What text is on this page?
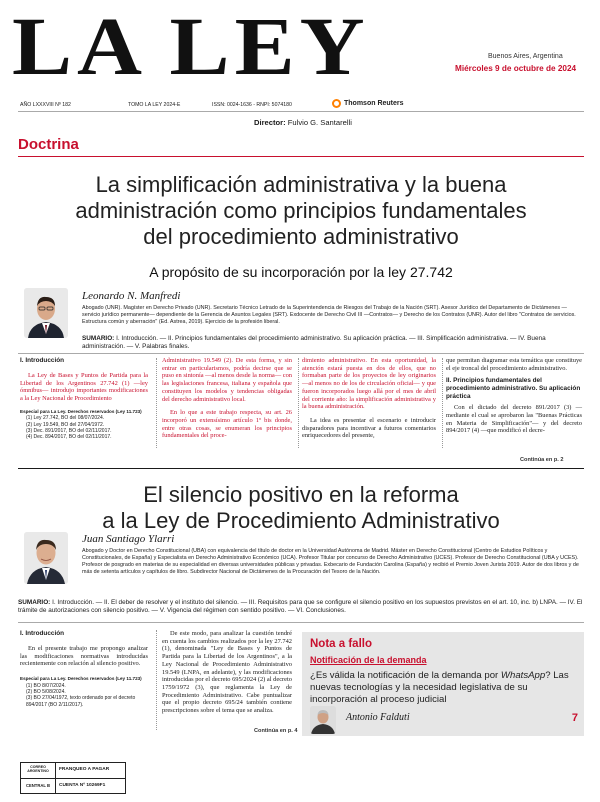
LA LEY	Buenos Aires, Argentina
Miércoles 9 de octubre de 2024
AÑO LXXXVIII Nº 182	TOMO LA LEY 2024-E	ISSN: 0024-1636 - RNPI: 5074180	Thomson Reuters
Director: Fulvio G. Santarelli
Doctrina
La simplificación administrativa y la buena
administración como principios fundamentales
del procedimiento administrativo
A propósito de su incorporación por la ley 27.742
Leonardo N. Manfredi
Abogado (UNR). Magíster en Derecho Privado (UNR). Secretario Técnico Letrado de la Superintendencia de Riesgos del Trabajo de la Nación (SRT). Asesor Jurídico del Departamento de Dictámenes —servicio jurídico permanente— dependiente de la Gerencia de Asuntos Legales (SRT). Exdocente de Derecho Civil III —Contratos— y Derecho de los Contratos (UNR). Autor del libro "Contratos de servicios. Estructura común y aberración" (Ed. Astrea, 2019). Ejercicio de la profesión liberal.
SUMARIO: I. Introducción. — II. Principios fundamentales del procedimiento administrativo. Su aplicación práctica. — III. Simplificación administrativa. — IV. Buena administración. — V. Palabras finales.
I. Introducción
La Ley de Bases y Puntos de Partida para la Libertad de los Argentinos 27.742 (1) —ley ómnibus— introdujo importantes modificaciones a la Ley Nacional de Procedimiento
Especial para La Ley. Derechos reservados (Ley 11.723)
(1) Ley 27.742, BO del 08/07/2024.
(2) Ley 19.549, BO del 27/04/1972.
(3) Dec. 891/2017, BO del 02/11/2017.
(4) Dec. 894/2017, BO del 02/11/2017.
Administrativo 19.549 (2). De esta forma, y sin entrar en particularismos, podría decirse que se puso en sintonía —al menos desde la norma— con las legislaciones francesa, italiana y española que constituyen los modelos y tendencias obligadas del derecho administrativo local.
En lo que a este trabajo respecta, su art. 26 incorporó un extensísimo artículo 1º bis donde, entre otras cosas, se enumeran los principios fundamentales del proce-
dimiento administrativo. En esta oportunidad, la atención estará puesta en dos de ellos, que no formaban parte de los proyectos de ley originarios —al menos no de los de circulación oficial— y que fueron incorporados luego allá por el mes de abril del corriente año: la simplificación administrativa y la buena administración.
La idea es presentar el escenario e introducir disparadores para incentivar a futuros comentarios enriquecedores del presente,
que permitan diagramar esta temática que constituye el eje troncal del procedimiento administrativo.
II. Principios fundamentales del procedimiento administrativo. Su aplicación práctica
Con el dictado del decreto 891/2017 (3) —mediante el cual se aprobaron las "Buenas Prácticas en Materia de Simplificación"— y del decreto 894/2017 (4) —que modificó el decre-
Continúa en p. 2
El silencio positivo en la reforma
a la Ley de Procedimiento Administrativo
Juan Santiago Ylarri
Abogado y Doctor en Derecho Constitucional (UBA) con equivalencia del título de doctor en la Universidad Autónoma de Madrid. Máster en Derecho Constitucional (Centro de Estudios Políticos y Constitucionales, de España) y Especialista en Derecho Administrativo Económico (UCA). Profesor Titular por concurso de Derecho Administrativo (UCES). Profesor de Derecho Constitucional (UBA y UCES). Profesor de posgrado en materias de su especialidad en diversas universidades públicas y privadas. Exbecario de Fundación Carolina (España) y recibió el Premio Joven Jurista 2019. Autor de dos libros y de más de setenta artículos y capítulos de libro. Subdirector Nacional de Dictámenes de la Procuración del Tesoro de la Nación.
SUMARIO: I. Introducción. — II. El deber de resolver y el instituto del silencio. — III. Requisitos para que se configure el silencio positivo en los supuestos previstos en el art. 10, inc. b) LNPA. — IV. El trámite de autorizaciones con silencio positivo. — V. Vigencia del régimen con sentido positivo. — VI. Conclusiones.
I. Introducción
En el presente trabajo me propongo analizar las modificaciones normativas introducidas recientemente con relación al silencio positivo.
Especial para La Ley. Derechos reservados (Ley 11.723)
(1) BO 8/07/2024.
(2) BO 5/08/2024.
(3) BO 27/04/1972, texto ordenado por el decreto 894/2017 (BO 2/11/2017).
De este modo, para analizar la cuestión tendré en cuenta los cambios realizados por la ley 27.742 (1), denominada "Ley de Bases y Puntos de Partida para la Libertad de los Argentinos", a la Ley Nacional de Procedimiento Administrativo 19.549 (LNPA, en adelante), y las modificaciones introducidas por el decreto 695/2024 (2) al decreto 1759/1972 (3), que reglamenta la Ley de Procedimiento Administrativo. Cabe puntualizar que el propio decreto 695/24 también contiene prescripciones sobre el tema que se analiza.
Continúa en p. 4
Nota a fallo
Notificación de la demanda
¿Es válida la notificación de la demanda por WhatsApp? Las nuevas tecnologías y la necesidad legislativa de su incorporación al proceso judicial
Antonio Falduti	7
CORREO
ARGENTINO	FRANQUEO A PAGAR
CENTRAL B	CUENTA Nº 10269F1
